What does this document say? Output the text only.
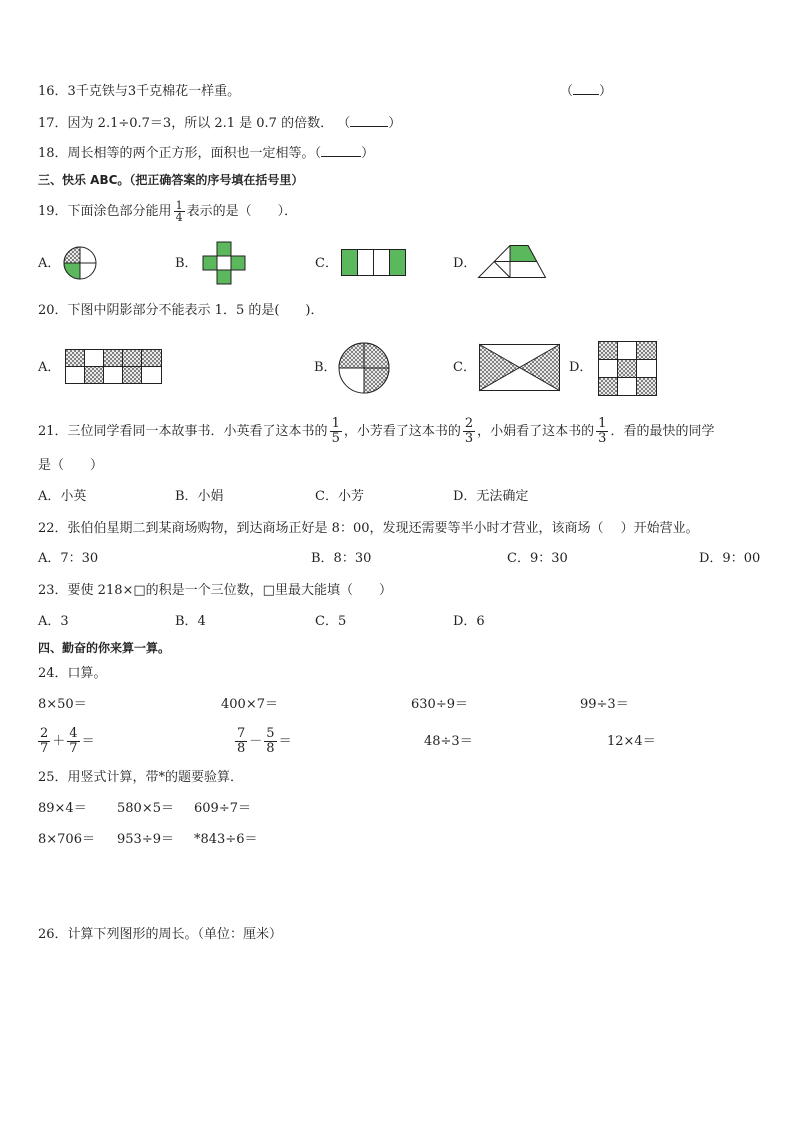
16．3千克铁与3千克棉花一样重。	（ ）
17．因为 2.1÷0.7＝3，所以 2.1 是 0.7 的倍数． （	）
18．周长相等的两个正方形，面积也一定相等。（	）
三、快乐 ABC。（把正确答案的序号填在括号里）
19．下面涂色部分能用 $\frac{1}{4}$ 表示的是（　　）．
A．	B．	C．	D．
20．下图中阴影部分不能表示 1．5 的是(　　)．
A．	B．	C．	D．
21．三位同学看同一本故事书．小英看了这本书的 $\frac{1}{5}$ ，小芳看了这本书的 $\frac{2}{3}$ ，小娟看了这本书的 $\frac{1}{3}$ ．看的最快的同学
是（　　）
A．小英	B．小娟	C．小芳	D．无法确定
22．张伯伯星期二到某商场购物，到达商场正好是 8：00，发现还需要等半小时才营业，该商场（　 ）开始营业。
A．7：30	B．8：30	C．9：30	D．9：00
23．要使 218×□的积是一个三位数，□里最大能填（　　）
A．3	B．4	C．5	D．6
四、勤奋的你来算一算。
24．口算。
8×50＝	400×7＝	630÷9＝	99÷3＝
$\frac{2}{7} + \frac{4}{7}$ ＝	$\frac{7}{8} - \frac{5}{8}$ ＝	48÷3＝	12×4＝
25．用竖式计算，带*的题要验算．
89×4＝ 580×5＝ 609÷7＝
8×706＝ 953÷9＝ *843÷6＝
26．计算下列图形的周长。（单位：厘米）
